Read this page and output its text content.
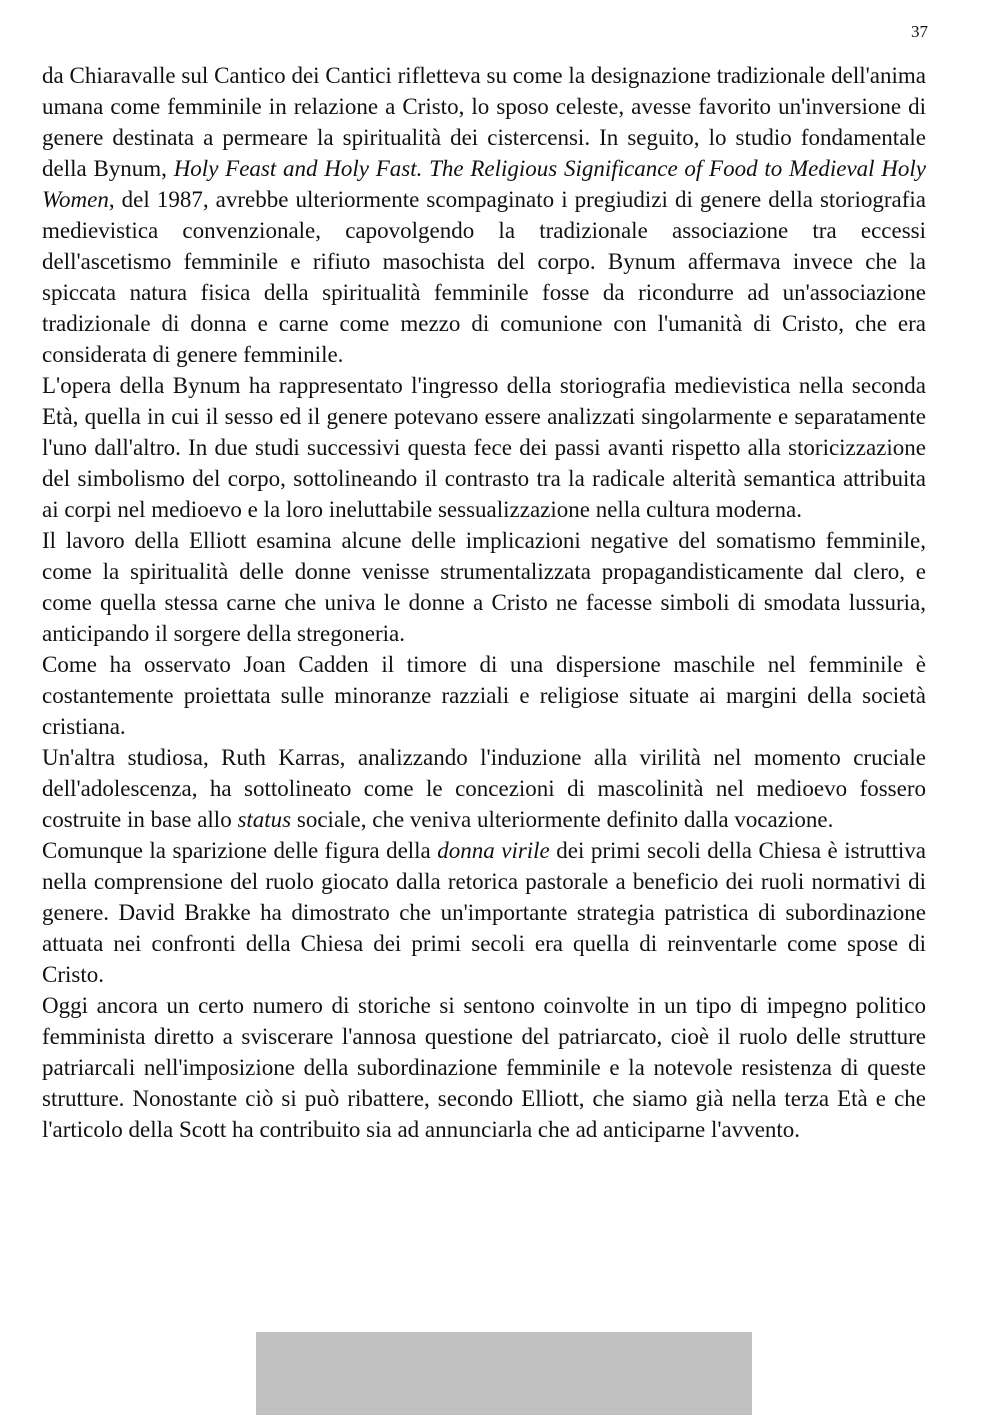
37

da Chiaravalle sul Cantico dei Cantici rifletteva su come la designazione tradizionale dell'anima umana come femminile in relazione a Cristo, lo sposo celeste, avesse favorito un'inversione di genere destinata a permeare la spiritualità dei cistercensi. In seguito, lo studio fondamentale della Bynum, Holy Feast and Holy Fast. The Religious Significance of Food to Medieval Holy Women, del 1987, avrebbe ulteriormente scompaginato i pregiudizi di genere della storiografia medievistica convenzionale, capovolgendo la tradizionale associazione tra eccessi dell'ascetismo femminile e rifiuto masochista del corpo. Bynum affermava invece che la spiccata natura fisica della spiritualità femminile fosse da ricondurre ad un'associazione tradizionale di donna e carne come mezzo di comunione con l'umanità di Cristo, che era considerata di genere femminile.

L'opera della Bynum ha rappresentato l'ingresso della storiografia medievistica nella seconda Età, quella in cui il sesso ed il genere potevano essere analizzati singolarmente e separatamente l'uno dall'altro. In due studi successivi questa fece dei passi avanti rispetto alla storicizzazione del simbolismo del corpo, sottolineando il contrasto tra la radicale alterità semantica attribuita ai corpi nel medioevo e la loro ineluttabile sessualizzazione nella cultura moderna.

Il lavoro della Elliott esamina alcune delle implicazioni negative del somatismo femminile, come la spiritualità delle donne venisse strumentalizzata propagandisticamente dal clero, e come quella stessa carne che univa le donne a Cristo ne facesse simboli di smodata lussuria, anticipando il sorgere della stregoneria.

Come ha osservato Joan Cadden il timore di una dispersione maschile nel femminile è costantemente proiettata sulle minoranze razziali e religiose situate ai margini della società cristiana.

Un'altra studiosa, Ruth Karras, analizzando l'induzione alla virilità nel momento cruciale dell'adolescenza, ha sottolineato come le concezioni di mascolinità nel medioevo fossero costruite in base allo status sociale, che veniva ulteriormente definito dalla vocazione.

Comunque la sparizione delle figura della donna virile dei primi secoli della Chiesa è istruttiva nella comprensione del ruolo giocato dalla retorica pastorale a beneficio dei ruoli normativi di genere. David Brakke ha dimostrato che un'importante strategia patristica di subordinazione attuata nei confronti della Chiesa dei primi secoli era quella di reinventarle come spose di Cristo.

Oggi ancora un certo numero di storiche si sentono coinvolte in un tipo di impegno politico femminista diretto a sviscerare l'annosa questione del patriarcato, cioè il ruolo delle strutture patriarcali nell'imposizione della subordinazione femminile e la notevole resistenza di queste strutture. Nonostante ciò si può ribattere, secondo Elliott, che siamo già nella terza Età e che l'articolo della Scott ha contribuito sia ad annunciarla che ad anticiparne l'avvento.
